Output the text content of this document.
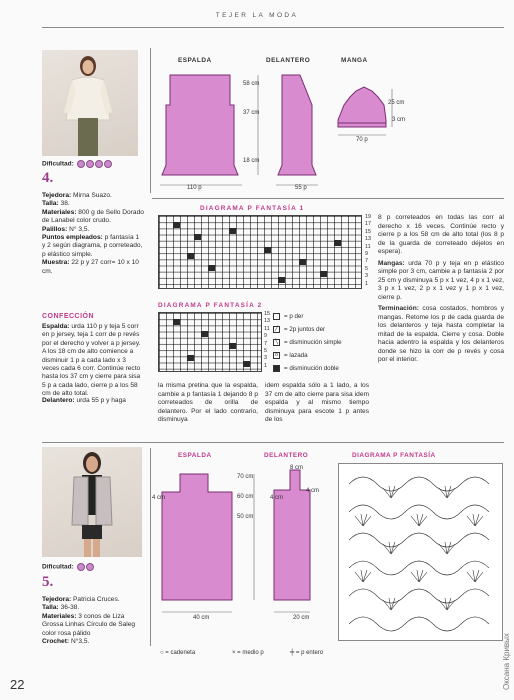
TEJER LA MODA
Dificultad:
4.
Tejedora: Mirna Suazo.
Talla: 38.
Materiales: 800 g de Sello Dorado de Lanabel color crudo.
Palillos: N° 3,5.
Puntos empleados: p fantasía 1 y 2 según diagrama, p correteado, p elástico simple.
Muestra: 22 p y 27 corr= 10 x 10 cm.
CONFECCIÓN
Espalda: urda 110 p y teja 5 corr en p jersey, teja 1 corr de p revés por el derecho y volver a p jersey. A los 18 cm de alto comience a disminuir 1 p a cada lado x 3 veces cada 6 corr. Continúe recto hasta los 37 cm y cierre para sisa 5 p a cada lado, cierre p a los 58 cm de alto total.
Delantero: urda 55 p y haga
ESPALDA	DELANTERO	MANGA
58 cm
37 cm
18 cm
110 p	55 p
70 p
25 cm
3 cm
DIAGRAMA P FANTASÍA 1
19
17
15
13
11
9
7
5
3
1
DIAGRAMA P FANTASÍA 2
15
13
11
9
7
5
3
1
= p der
╱ = 2p juntos der
╲ = disminución simple
o = lazada
= disminución doble
la misma pretina que la espalda, cambie a p fantasía 1 dejando 8 p correteados de orilla de delantero. Por el lado contrario, disminuya
idem espalda sólo a 1 lado, a los 37 cm de alto cierre para sisa idem espalda y al mismo tiempo disminuya para escote 1 p antes de los
8 p correteados en todas las corr al derecho x 16 veces. Continúe recto y cierre p a los 58 cm de alto total (los 8 p de la guarda de correteado déjelos en espera).
Mangas: urda 70 p y teja en p elástico simple por 3 cm, cambie a p fantasía 2 por 25 cm y disminuya 5 p x 1 vez, 4 p x 1 vez, 3 p x 1 vez, 2 p x 1 vez y 1 p x 1 vez, cierre p.
Terminación: cosa costados, hombros y mangas. Retome los p de cada guarda de los delanteros y teja hasta completar la mitad de la espalda. Cierre y cosa. Doble hacia adentro la espalda y los delanteros donde se hizo la corr de p revés y cosa por el interior.
Dificultad:
5.
Tejedora: Patricia Cruces.
Talla: 36-38.
Materiales: 3 conos de Liza Grossa Linhas Círculo de Saleg color rosa pálido
Crochet: N°3,5.
ESPALDA	DELANTERO	DIAGRAMA P FANTASÍA
70 cm
60 cm
50 cm
4 cm	4 cm
4 cm
8 cm
40 cm	20 cm
○ = cadeneta	× = medio p	╪ = p entero
22	Оксана Кривых
